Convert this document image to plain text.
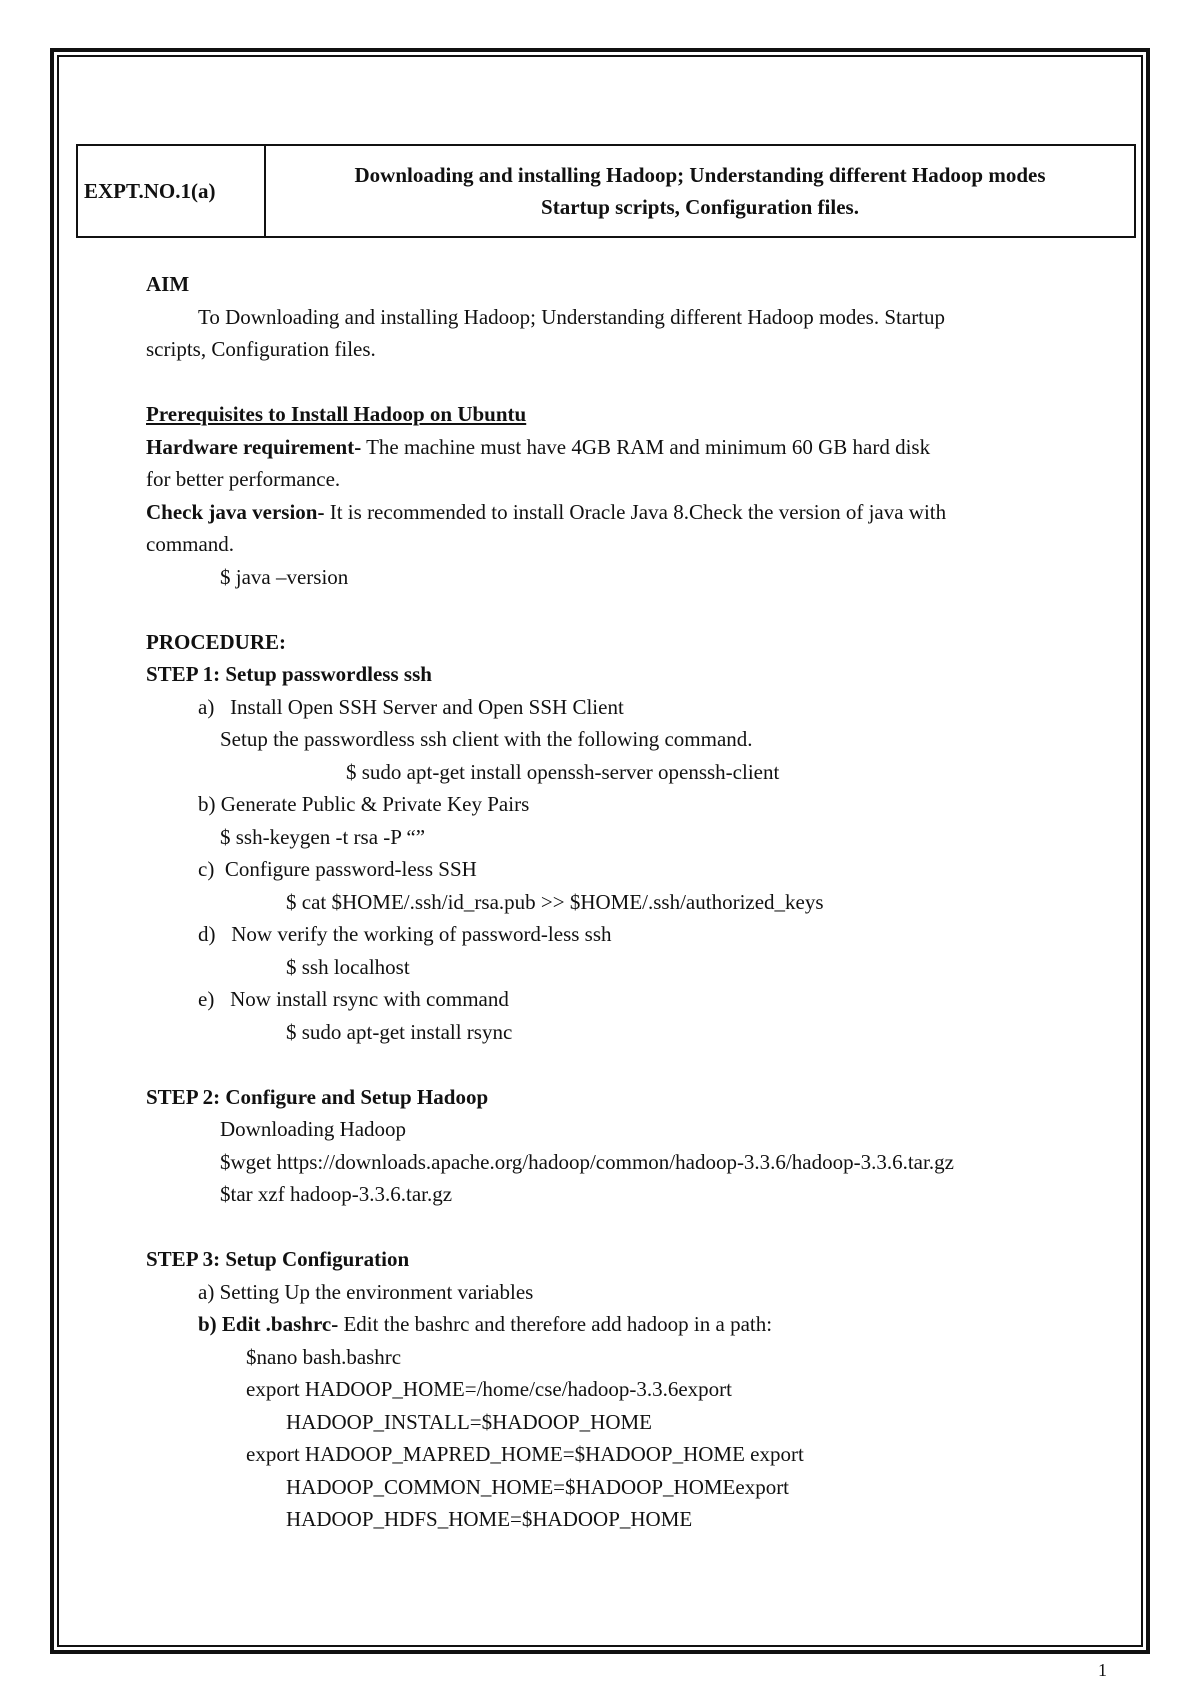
EXPT.NO.1(a)
Downloading and installing Hadoop; Understanding different Hadoop modes
Startup scripts, Configuration files.
AIM
To Downloading and installing Hadoop; Understanding different Hadoop modes. Startup
scripts, Configuration files.
Prerequisites to Install Hadoop on Ubuntu
Hardware requirement- The machine must have 4GB RAM and minimum 60 GB hard disk
for better performance.
Check java version- It is recommended to install Oracle Java 8.Check the version of java with
command.
$ java –version
PROCEDURE:
STEP 1: Setup passwordless ssh
a)   Install Open SSH Server and Open SSH Client
Setup the passwordless ssh client with the following command.
$ sudo apt-get install openssh-server openssh-client
b) Generate Public & Private Key Pairs
$ ssh-keygen -t rsa -P “”
c)  Configure password-less SSH
$ cat $HOME/.ssh/id_rsa.pub >> $HOME/.ssh/authorized_keys
d)   Now verify the working of password-less ssh
$ ssh localhost
e)   Now install rsync with command
$ sudo apt-get install rsync
STEP 2: Configure and Setup Hadoop
Downloading Hadoop
$wget https://downloads.apache.org/hadoop/common/hadoop-3.3.6/hadoop-3.3.6.tar.gz
$tar xzf hadoop-3.3.6.tar.gz
STEP 3: Setup Configuration
a) Setting Up the environment variables
b) Edit .bashrc- Edit the bashrc and therefore add hadoop in a path:
$nano bash.bashrc
export HADOOP_HOME=/home/cse/hadoop-3.3.6export
HADOOP_INSTALL=$HADOOP_HOME
export HADOOP_MAPRED_HOME=$HADOOP_HOME export
HADOOP_COMMON_HOME=$HADOOP_HOMEexport
HADOOP_HDFS_HOME=$HADOOP_HOME
1
